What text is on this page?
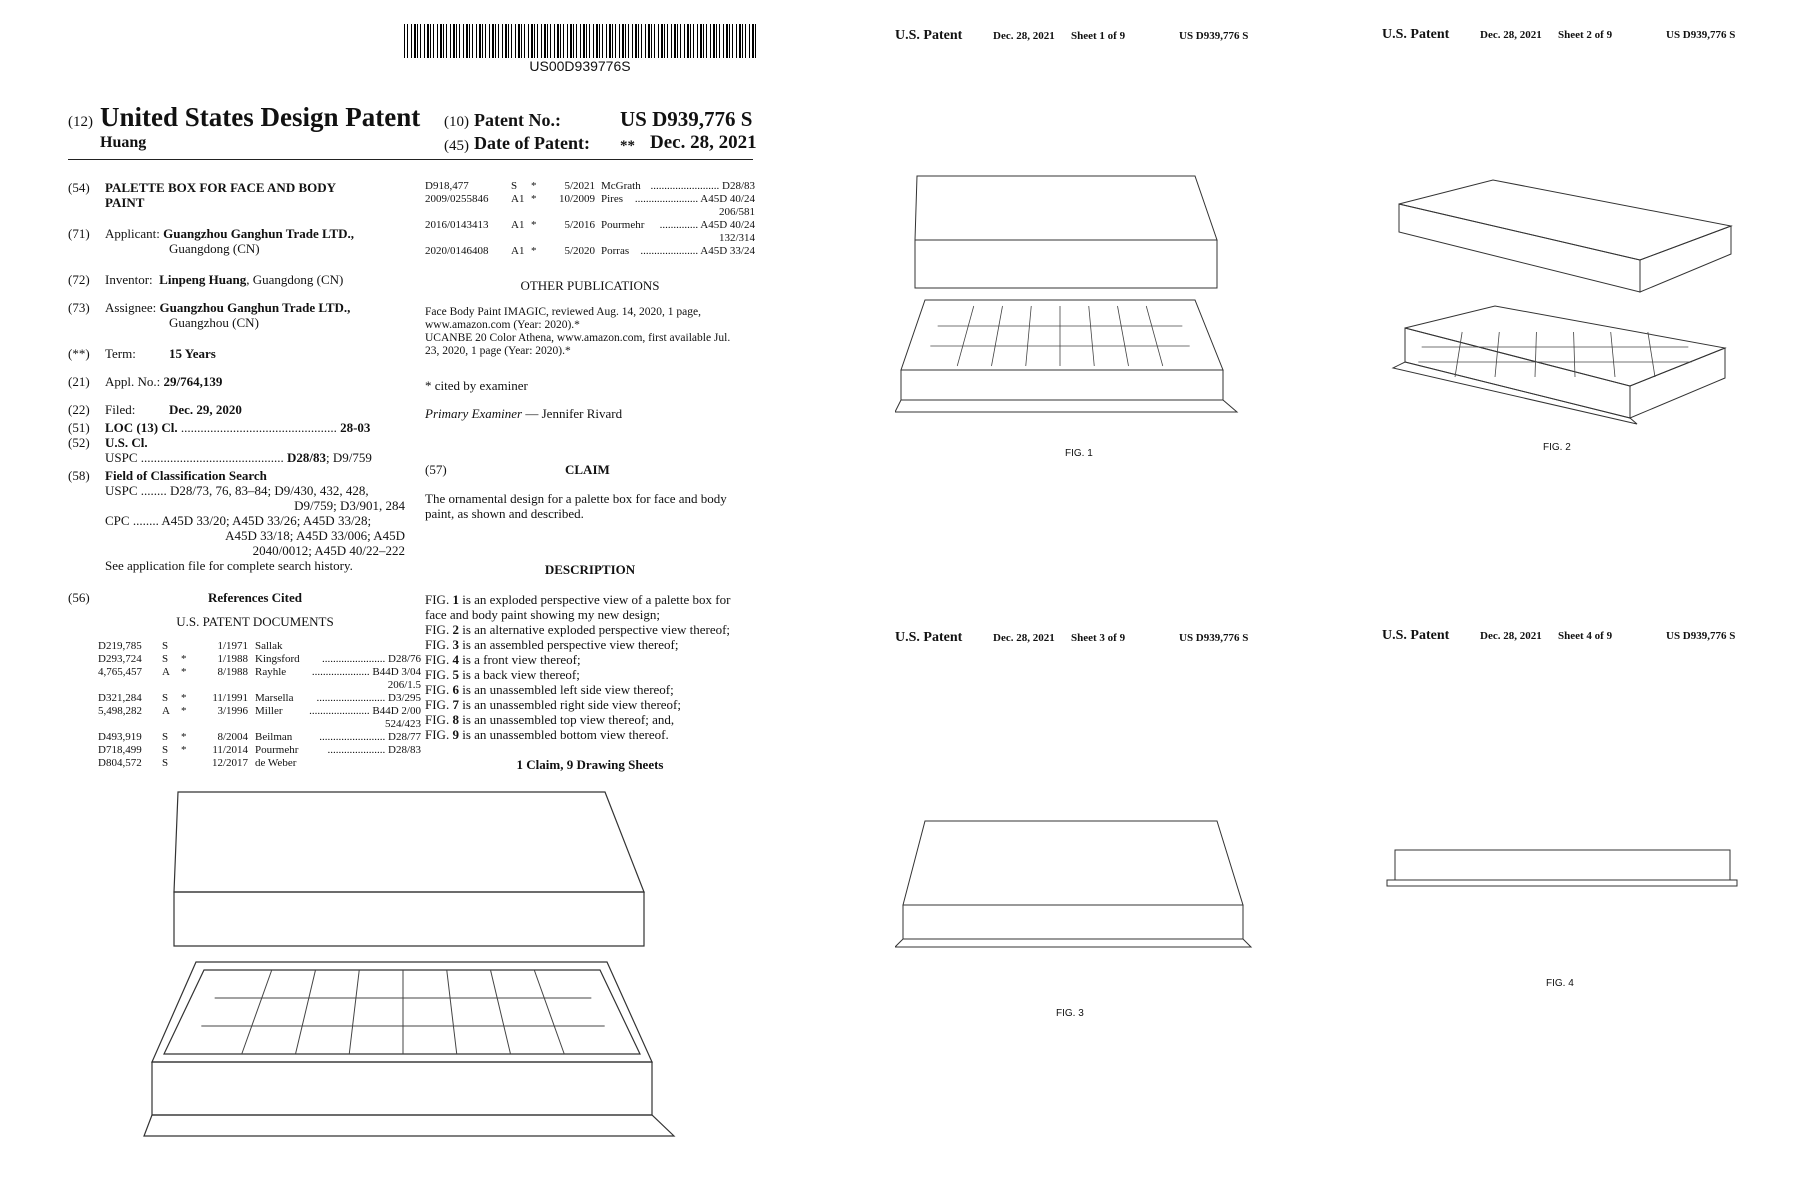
US00D939776S
(12) United States Design Patent
Huang
(10) Patent No.:	US D939,776 S
(45) Date of Patent: ** Dec. 28, 2021
(54)	PALETTE BOX FOR FACE AND BODY
PAINT
(71)	Applicant: Guangzhou Ganghun Trade LTD.,
Guangdong (CN)
(72)	Inventor: Linpeng Huang, Guangdong (CN)
(73)	Assignee: Guangzhou Ganghun Trade LTD.,
Guangzhou (CN)
(**)	Term:	15 Years
(21)	Appl. No.: 29/764,139
(22)	Filed:	Dec. 29, 2020
(51)	LOC (13) Cl. ................................................ 28-03
(52)	U.S. Cl.
USPC ............................................ D28/83; D9/759
(58)	Field of Classification Search
USPC ........ D28/73, 76, 83–84; D9/430, 432, 428,

D9/759; D3/901, 284
CPC ........ A45D 33/20; A45D 33/26; A45D 33/28;

A45D 33/18; A45D 33/006; A45D
2040/0012; A45D 40/22–222
See application file for complete search history.
(56)	References Cited
U.S. PATENT DOCUMENTS
D219,785	S	1/1971 Sallak
D293,724	S	*	1/1988 Kingsford	....................... D28/76
4,765,457	A	*	8/1988 Rayhle	..................... B44D 3/04
206/1.5
D321,284	S	*	11/1991 Marsella	......................... D3/295
5,498,282	A	*	3/1996 Miller	...................... B44D 2/00
524/423
D493,919	S	*	8/2004 Beilman	........................ D28/77
D718,499	S	*	11/2014 Pourmehr	..................... D28/83
D804,572	S	12/2017 de Weber
D918,477	S	*	5/2021 McGrath ......................... D28/83
2009/0255846	A1 *	10/2009 Pires	....................... A45D 40/24
206/581
2016/0143413	A1 *	5/2016 Pourmehr	.............. A45D 40/24
132/314
2020/0146408	A1 *	5/2020 Porras	..................... A45D 33/24
OTHER PUBLICATIONS
Face Body Paint IMAGIC, reviewed Aug. 14, 2020, 1 page,
www.amazon.com (Year: 2020).*
UCANBE 20 Color Athena, www.amazon.com, first available Jul.
23, 2020, 1 page (Year: 2020).*
* cited by examiner
Primary Examiner — Jennifer Rivard
(57)	CLAIM
The ornamental design for a palette box for face and body
paint, as shown and described.
DESCRIPTION
FIG. 1 is an exploded perspective view of a palette box for
face and body paint showing my new design;
FIG. 2 is an alternative exploded perspective view thereof;
FIG. 3 is an assembled perspective view thereof;
FIG. 4 is a front view thereof;
FIG. 5 is a back view thereof;
FIG. 6 is an unassembled left side view thereof;
FIG. 7 is an unassembled right side view thereof;
FIG. 8 is an unassembled top view thereof; and,
FIG. 9 is an unassembled bottom view thereof.
1 Claim, 9 Drawing Sheets
U.S. Patent	Dec. 28, 2021 Sheet 1 of 9	US D939,776 S
FIG. 1
U.S. Patent	Dec. 28, 2021 Sheet 2 of 9	US D939,776 S
FIG. 2
U.S. Patent	Dec. 28, 2021 Sheet 3 of 9	US D939,776 S
FIG. 3
U.S. Patent	Dec. 28, 2021 Sheet 4 of 9	US D939,776 S
FIG. 4
